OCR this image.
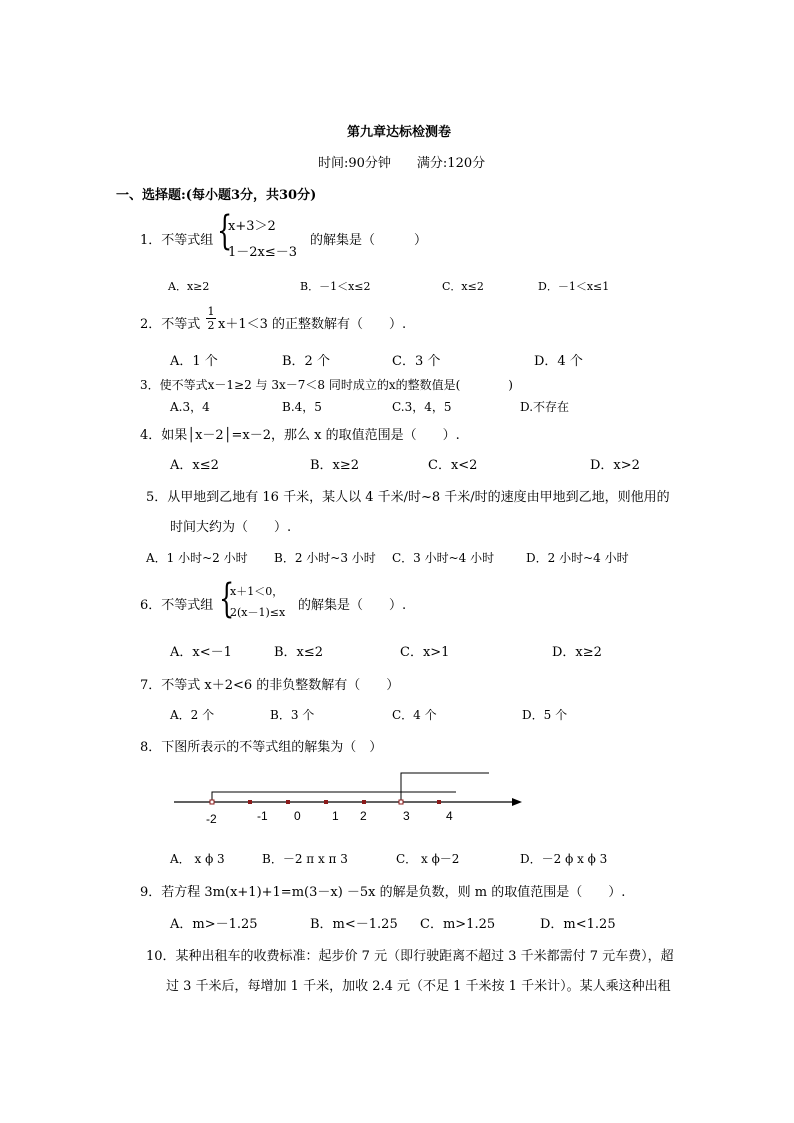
第九章达标检测卷
时间:90分钟　　满分:120分
一、选择题:(每小题3分，共30分)
1．不等式组 {
x+3＞2
1－2x≤－3
的解集是（　　　）
A．x≥2	B．－1＜x≤2	C．x≤2	D．－1＜x≤1
2．不等式 $\frac{1}{2} x+1<3$ 的正整数解有（　　）.
A．1 个	B．2 个	C．3 个	D．4 个
3．使不等式x－1≥2 与 3x－7＜8 同时成立的x的整数值是(　　　　)
A.3，4	B.4，5	C.3，4，5	D.不存在
4．如果│x－2│=x－2，那么 x 的取值范围是（　　）.
A．x≤2	B．x≥2	C．x<2	D．x>2
5．从甲地到乙地有 16 千米，某人以 4 千米/时~8 千米/时的速度由甲地到乙地，则他用的
时间大约为（　　）.
A．1 小时~2 小时 B．2 小时~3 小时 C．3 小时~4 小时	D．2 小时~4 小时
6．不等式组 {
x＋1＜0，
2(x－1)≤x 的解集是（　　）.
A．x<－1	B．x≤2	C．x>1	D．x≥2
7．不等式 x＋2<6 的非负整数解有（　　）
A．2 个	B．3 个	C．4 个	D．5 个
8．下图所表示的不等式组的解集为（　）
-2	-1 0	1 2	3	4
A． x ϕ 3	B．－2 π x π 3	C． x ϕ－2	D．－2 ϕ x ϕ 3
9．若方程 3m(x+1)+1=m(3－x) －5x 的解是负数，则 m 的取值范围是（　　）.
A．m>－1.25	B．m<－1.25 C．m>1.25	D．m<1.25
10．某种出租车的收费标准：起步价 7 元（即行驶距离不超过 3 千米都需付 7 元车费），超
过 3 千米后，每增加 1 千米，加收 2.4 元（不足 1 千米按 1 千米计）。某人乘这种出租
